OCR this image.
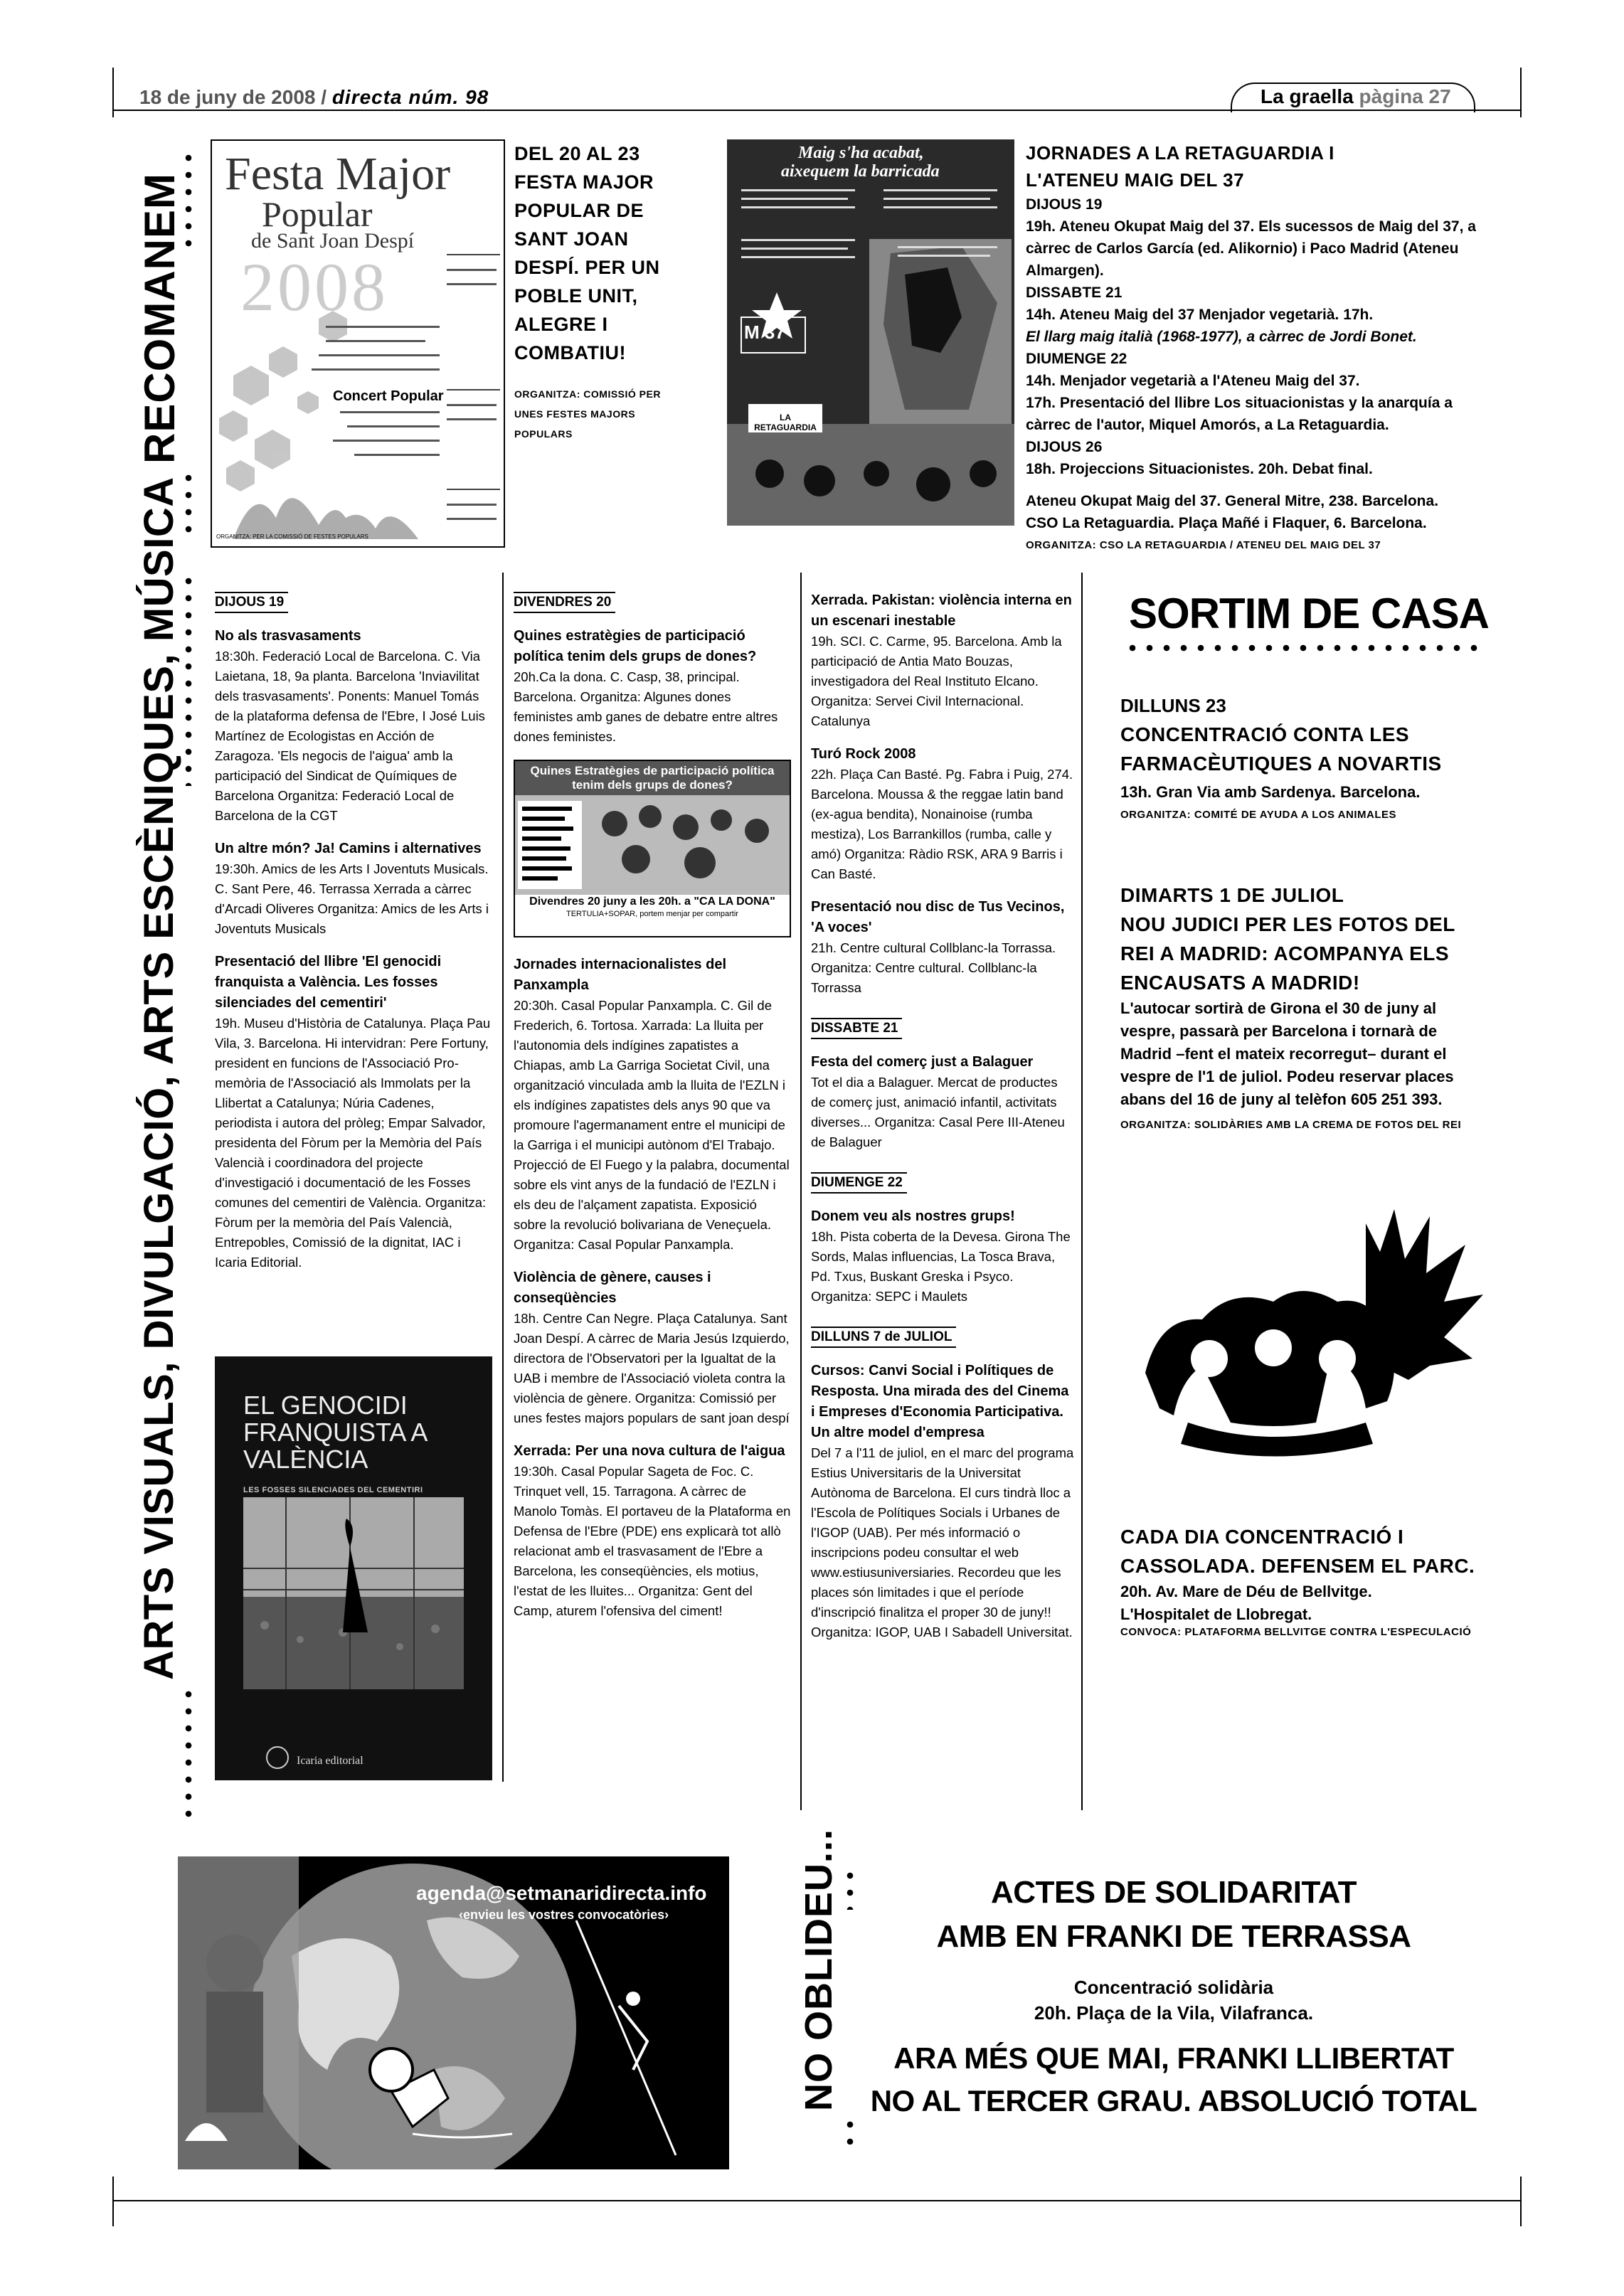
18 de juny de 2008 / directa núm. 98	La graella pàgina 27
RECOMANEM
ARTS VISUALS, DIVULGACIÓ, ARTS ESCÈNIQUES, MÚSICA
NO OBLIDEU...
Festa Major
Popular
de Sant Joan Despí
2008
Concert Popular
ORGANITZA: PER LA COMISSIÓ DE FESTES POPULARS
DEL 20 AL 23 FESTA MAJOR POPULAR DE SANT JOAN DESPÍ. PER UN POBLE UNIT, ALEGRE I COMBATIU!
ORGANITZA: COMISSIÓ PER UNES FESTES MAJORS POPULARS
Maig s'ha acabat,
aixequem la barricada
M 37
LA RETAGUARDIA
JORNADES A LA RETAGUARDIA I L'ATENEU MAIG DEL 37
DIJOUS 19
19h. Ateneu Okupat Maig del 37. Els sucessos de Maig del 37, a càrrec de Carlos García (ed. Alikornio) i Paco Madrid (Ateneu Almargen).
DISSABTE 21
14h. Ateneu Maig del 37 Menjador vegetarià. 17h.
El llarg maig italià (1968-1977), a càrrec de Jordi Bonet.
DIUMENGE 22
14h. Menjador vegetarià a l'Ateneu Maig del 37.
17h. Presentació del llibre Los situacionistas y la anarquía a càrrec de l'autor, Miquel Amorós, a La Retaguardia.
DIJOUS 26
18h. Projeccions Situacionistes. 20h. Debat final.
Ateneu Okupat Maig del 37. General Mitre, 238. Barcelona.
CSO La Retaguardia. Plaça Mañé i Flaquer, 6. Barcelona.
ORGANITZA: CSO LA RETAGUARDIA / ATENEU DEL MAIG DEL 37
DIJOUS 19
No als trasvasaments

18:30h. Federació Local de Barcelona. C. Via Laietana, 18, 9a planta. Barcelona 'Inviavilitat dels trasvasaments'. Ponents: Manuel Tomás de la plataforma defensa de l'Ebre, I José Luis Martínez de Ecologistas en Acción de Zaragoza. 'Els negocis de l'aigua' amb la participació del Sindicat de Químiques de Barcelona Organitza: Federació Local de Barcelona de la CGT

Un altre món? Ja! Camins i alternatives

19:30h. Amics de les Arts I Joventuts Musicals. C. Sant Pere, 46. Terrassa Xerrada a càrrec d'Arcadi Oliveres Organitza: Amics de les Arts i Joventuts Musicals

Presentació del llibre 'El genocidi franquista a València. Les fosses silenciades del cementiri'

19h. Museu d'Història de Catalunya. Plaça Pau Vila, 3. Barcelona. Hi intervidran: Pere Fortuny, president en funcions de l'Associació Pro-memòria de l'Associació als Immolats per la Llibertat a Catalunya; Núria Cadenes, periodista i autora del pròleg; Empar Salvador, presidenta del Fòrum per la Memòria del País Valencià i coordinadora del projecte d'investigació i documentació de les Fosses comunes del cementiri de València. Organitza: Fòrum per la memòria del País Valencià, Entrepobles, Comissió de la dignitat, IAC i Icaria Editorial.

EL GENOCIDI FRANQUISTA A VALÈNCIA
LES FOSSES SILENCIADES DEL CEMENTIRI
Icaria editorial
DIVENDRES 20
Quines estratègies de participació política tenim dels grups de dones?

20h.Ca la dona. C. Casp, 38, principal. Barcelona. Organitza: Algunes dones feministes amb ganes de debatre entre altres dones feministes.

Quines Estratègies de participació política tenim dels grups de dones?
Divendres 20 juny a les 20h. a "CA LA DONA"
TERTULIA+SOPAR, portem menjar per compartir
Jornades internacionalistes del Panxampla

20:30h. Casal Popular Panxampla. C. Gil de Frederich, 6. Tortosa. Xarrada: La lluita per l'autonomia dels indígines zapatistes a Chiapas, amb La Garriga Societat Civil, una organització vinculada amb la lluita de l'EZLN i els indígines zapatistes dels anys 90 que va promoure l'agermanament entre el municipi de la Garriga i el municipi autònom d'El Trabajo. Projecció de El Fuego y la palabra, documental sobre els vint anys de la fundació de l'EZLN i els deu de l'alçament zapatista. Exposició sobre la revolució bolivariana de Veneçuela. Organitza: Casal Popular Panxampla.

Violència de gènere, causes i conseqüències

18h. Centre Can Negre. Plaça Catalunya. Sant Joan Despí. A càrrec de Maria Jesús Izquierdo, directora de l'Observatori per la Igualtat de la UAB i membre de l'Associació violeta contra la violència de gènere. Organitza: Comissió per unes festes majors populars de sant joan despí

Xerrada: Per una nova cultura de l'aigua

19:30h. Casal Popular Sageta de Foc. C. Trinquet vell, 15. Tarragona. A càrrec de Manolo Tomàs. El portaveu de la Plataforma en Defensa de l'Ebre (PDE) ens explicarà tot allò relacionat amb el trasvasament de l'Ebre a Barcelona, les conseqüències, els motius, l'estat de les lluites... Organitza: Gent del Camp, aturem l'ofensiva del ciment!

Xerrada. Pakistan: violència interna en un escenari inestable

19h. SCI. C. Carme, 95. Barcelona. Amb la participació de Antia Mato Bouzas, investigadora del Real Instituto Elcano. Organitza: Servei Civil Internacional. Catalunya

Turó Rock 2008

22h. Plaça Can Basté. Pg. Fabra i Puig, 274. Barcelona. Moussa & the reggae latin band (ex-agua bendita), Nonainoise (rumba mestiza), Los Barrankillos (rumba, calle y amó) Organitza: Ràdio RSK, ARA 9 Barris i Can Basté.

Presentació nou disc de Tus Vecinos, 'A voces'

21h. Centre cultural Collblanc-la Torrassa. Organitza: Centre cultural. Collblanc-la Torrassa

DISSABTE 21
Festa del comerç just a Balaguer

Tot el dia a Balaguer. Mercat de productes de comerç just, animació infantil, activitats diverses... Organitza: Casal Pere III-Ateneu de Balaguer

DIUMENGE 22
Donem veu als nostres grups!

18h. Pista coberta de la Devesa. Girona The Sords, Malas influencias, La Tosca Brava, Pd. Txus, Buskant Greska i Psyco. Organitza: SEPC i Maulets

DILLUNS 7 de JULIOL
Cursos: Canvi Social i Polítiques de Resposta. Una mirada des del Cinema i Empreses d'Economia Participativa. Un altre model d'empresa

Del 7 a l'11 de juliol, en el marc del programa Estius Universitaris de la Universitat Autònoma de Barcelona. El curs tindrà lloc a l'Escola de Polítiques Socials i Urbanes de l'IGOP (UAB). Per més informació o inscripcions podeu consultar el web www.estiusuniversiaries. Recordeu que les places són limitades i que el període d'inscripció finalitza el proper 30 de juny!! Organitza: IGOP, UAB I Sabadell Universitat.

SORTIM DE CASA
DILLUNS 23
CONCENTRACIÓ CONTA LES FARMACÈUTIQUES A NOVARTIS
13h. Gran Via amb Sardenya. Barcelona.
ORGANITZA: COMITÉ DE AYUDA A LOS ANIMALES
DIMARTS 1 DE JULIOL
NOU JUDICI PER LES FOTOS DEL REI A MADRID: ACOMPANYA ELS ENCAUSATS A MADRID!
L'autocar sortirà de Girona el 30 de juny al vespre, passarà per Barcelona i tornarà de Madrid –fent el mateix recorregut– durant el vespre de l'1 de juliol. Podeu reservar places abans del 16 de juny al telèfon 605 251 393.
ORGANITZA: SOLIDÀRIES AMB LA CREMA DE FOTOS DEL REI
CADA DIA CONCENTRACIÓ I CASSOLADA. DEFENSEM EL PARC.
20h. Av. Mare de Déu de Bellvitge.
L'Hospitalet de Llobregat.
CONVOCA: PLATAFORMA BELLVITGE CONTRA L'ESPECULACIÓ
agenda@setmanaridirecta.info
‹envieu les vostres convocatòries›
ACTES DE SOLIDARITAT
AMB EN FRANKI DE TERRASSA
Concentració solidària
20h. Plaça de la Vila, Vilafranca.
ARA MÉS QUE MAI, FRANKI LLIBERTAT
NO AL TERCER GRAU. ABSOLUCIÓ TOTAL
